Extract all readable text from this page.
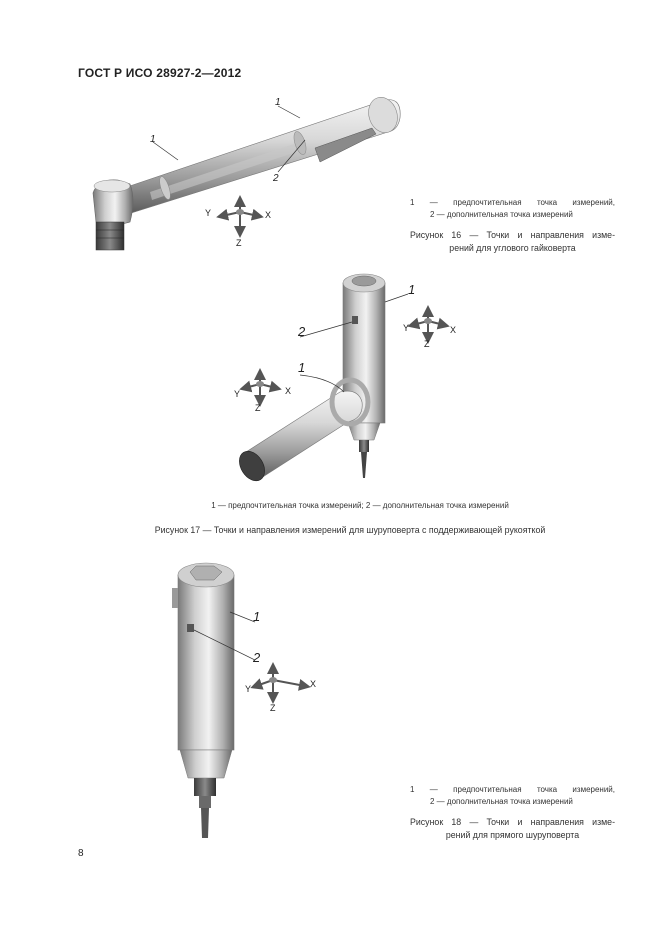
ГОСТ Р ИСО 28927-2—2012
1
1
2
Y	X
Z
1 — предпочтительная точка измерений,
2 — дополнительная точка измерений
Рисунок 16 — Точки и направления изме-
рений для углового гайковерта
1
2
1
Y	X
Z
Y	X
Z
1 — предпочтительная точка измерений; 2 — дополнительная точка измерений
Рисунок 17 — Точки и направления измерений для шуруповерта с поддерживающей рукояткой
1
2
Y	X
Z
1 — предпочтительная точка измерений,
2 — дополнительная точка измерений
Рисунок 18 — Точки и направления изме-
рений для прямого шуруповерта
8
